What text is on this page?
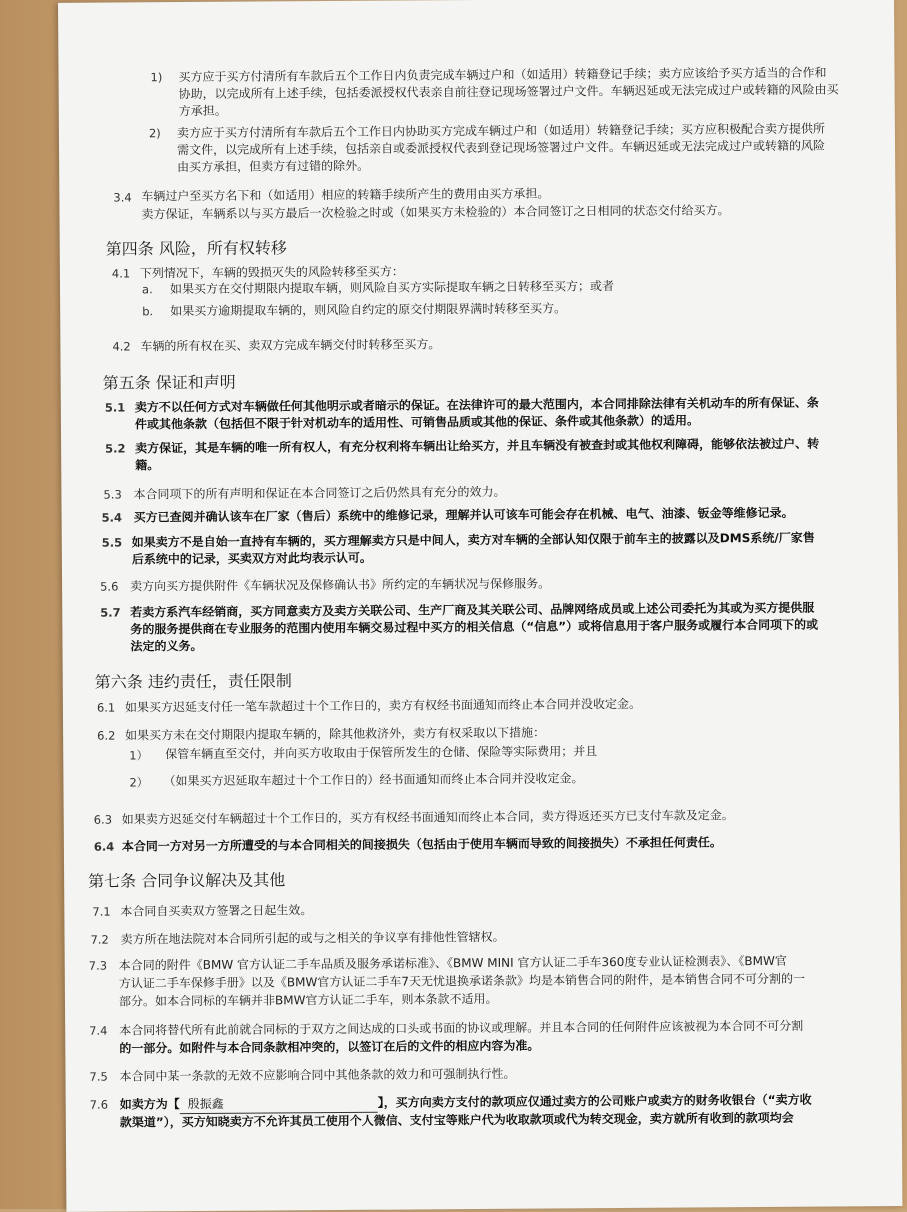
1) 买方应于买方付清所有车款后五个工作日内负责完成车辆过户和（如适用）转籍登记手续；卖方应该给予买方适当的合作和
协助，以完成所有上述手续，包括委派授权代表亲自前往登记现场签署过户文件。车辆迟延或无法完成过户或转籍的风险由买
方承担。
2) 卖方应于买方付清所有车款后五个工作日内协助买方完成车辆过户和（如适用）转籍登记手续；买方应积极配合卖方提供所
需文件，以完成所有上述手续，包括亲自或委派授权代表到登记现场签署过户文件。车辆迟延或无法完成过户或转籍的风险
由买方承担，但卖方有过错的除外。
3.4 车辆过户至买方名下和（如适用）相应的转籍手续所产生的费用由买方承担。
卖方保证，车辆系以与买方最后一次检验之时或（如果买方未检验的）本合同签订之日相同的状态交付给买方。
第四条 风险，所有权转移
4.1 下列情况下，车辆的毁损灭失的风险转移至买方：
a. 如果买方在交付期限内提取车辆，则风险自买方实际提取车辆之日转移至买方；或者
b. 如果买方逾期提取车辆的，则风险自约定的原交付期限界满时转移至买方。
4.2 车辆的所有权在买、卖双方完成车辆交付时转移至买方。
第五条 保证和声明
5.1 卖方不以任何方式对车辆做任何其他明示或者暗示的保证。在法律许可的最大范围内，本合同排除法律有关机动车的所有保证、条
件或其他条款（包括但不限于针对机动车的适用性、可销售品质或其他的保证、条件或其他条款）的适用。
5.2 卖方保证，其是车辆的唯一所有权人，有充分权利将车辆出让给买方，并且车辆没有被查封或其他权利障碍，能够依法被过户、转
籍。
5.3 本合同项下的所有声明和保证在本合同签订之后仍然具有充分的效力。
5.4 买方已查阅并确认该车在厂家（售后）系统中的维修记录，理解并认可该车可能会存在机械、电气、油漆、钣金等维修记录。
5.5 如果卖方不是自始一直持有车辆的，买方理解卖方只是中间人，卖方对车辆的全部认知仅限于前车主的披露以及DMS系统/厂家售
后系统中的记录，买卖双方对此均表示认可。
5.6 卖方向买方提供附件《车辆状况及保修确认书》所约定的车辆状况与保修服务。
5.7 若卖方系汽车经销商，买方同意卖方及卖方关联公司、生产厂商及其关联公司、品牌网络成员或上述公司委托为其或为买方提供服
务的服务提供商在专业服务的范围内使用车辆交易过程中买方的相关信息（“信息”）或将信息用于客户服务或履行本合同项下的或
法定的义务。
第六条 违约责任，责任限制
6.1 如果买方迟延支付任一笔车款超过十个工作日的，卖方有权经书面通知而终止本合同并没收定金。
6.2 如果买方未在交付期限内提取车辆的，除其他救济外，卖方有权采取以下措施：
1） 保管车辆直至交付，并向买方收取由于保管所发生的仓储、保险等实际费用；并且
2） （如果买方迟延取车超过十个工作日的）经书面通知而终止本合同并没收定金。
6.3 如果卖方迟延交付车辆超过十个工作日的，买方有权经书面通知而终止本合同，卖方得返还买方已支付车款及定金。
6.4 本合同一方对另一方所遭受的与本合同相关的间接损失（包括由于使用车辆而导致的间接损失）不承担任何责任。
第七条 合同争议解决及其他
7.1 本合同自买卖双方签署之日起生效。
7.2 卖方所在地法院对本合同所引起的或与之相关的争议享有排他性管辖权。
7.3 本合同的附件《BMW 官方认证二手车品质及服务承诺标准》、《BMW MINI 官方认证二手车360度专业认证检测表》、《BMW官
方认证二手车保修手册》以及《BMW官方认证二手车7天无忧退换承诺条款》均是本销售合同的附件，是本销售合同不可分割的一
部分。如本合同标的车辆并非BMW官方认证二手车，则本条款不适用。
7.4 本合同将替代所有此前就合同标的于双方之间达成的口头或书面的协议或理解。并且本合同的任何附件应该被视为本合同不可分割
的一部分。如附件与本合同条款相冲突的，以签订在后的文件的相应内容为准。
7.5 本合同中某一条款的无效不应影响合同中其他条款的效力和可强制执行性。
7.6 如卖方为【 殷振鑫	】，买方向卖方支付的款项应仅通过卖方的公司账户或卖方的财务收银台（“卖方收
款渠道”），买方知晓卖方不允许其员工使用个人微信、支付宝等账户代为收取款项或代为转交现金，卖方就所有收到的款项均会
